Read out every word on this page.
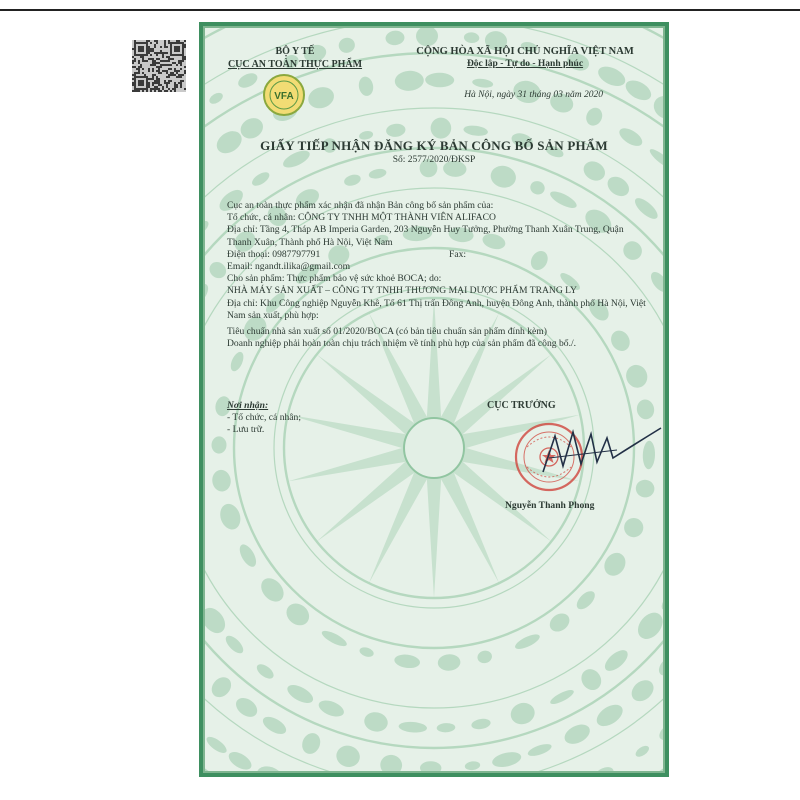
VFA
BỘ Y TẾ
CỤC AN TOÀN THỰC PHẨM
CỘNG HÒA XÃ HỘI CHỦ NGHĨA VIỆT NAM
Độc lập - Tự do - Hạnh phúc
Hà Nội, ngày 31 tháng 03 năm 2020
GIẤY TIẾP NHẬN ĐĂNG KÝ BẢN CÔNG BỐ SẢN PHẨM
Số: 2577/2020/ĐKSP
Cục an toàn thực phẩm xác nhận đã nhận Bản công bố sản phẩm của:
Tổ chức, cá nhân: CÔNG TY TNHH MỘT THÀNH VIÊN ALIFACO
Địa chỉ: Tầng 4, Tháp AB Imperia Garden, 203 Nguyễn Huy Tưởng, Phường Thanh Xuân Trung, Quận Thanh Xuân, Thành phố Hà Nội, Việt Nam
Điện thoại: 0987797791	Fax:
Email: ngandt.ilika@gmail.com
Cho sản phẩm: Thực phẩm bảo vệ sức khoẻ BOCA; do:
NHÀ MÁY SẢN XUẤT – CÔNG TY TNHH THƯƠNG MẠI DƯỢC PHẨM TRANG LY
Địa chỉ: Khu Công nghiệp Nguyễn Khê, Tổ 61 Thị trấn Đông Anh, huyện Đông Anh, thành phố Hà Nội, Việt Nam sản xuất, phù hợp:
Tiêu chuẩn nhà sản xuất số 01/2020/BOCA (có bản tiêu chuẩn sản phẩm đính kèm)
Doanh nghiệp phải hoàn toàn chịu trách nhiệm về tính phù hợp của sản phẩm đã công bố./.
Nơi nhận:
- Tổ chức, cá nhân;
- Lưu trữ.
CỤC TRƯỞNG
Nguyễn Thanh Phong
